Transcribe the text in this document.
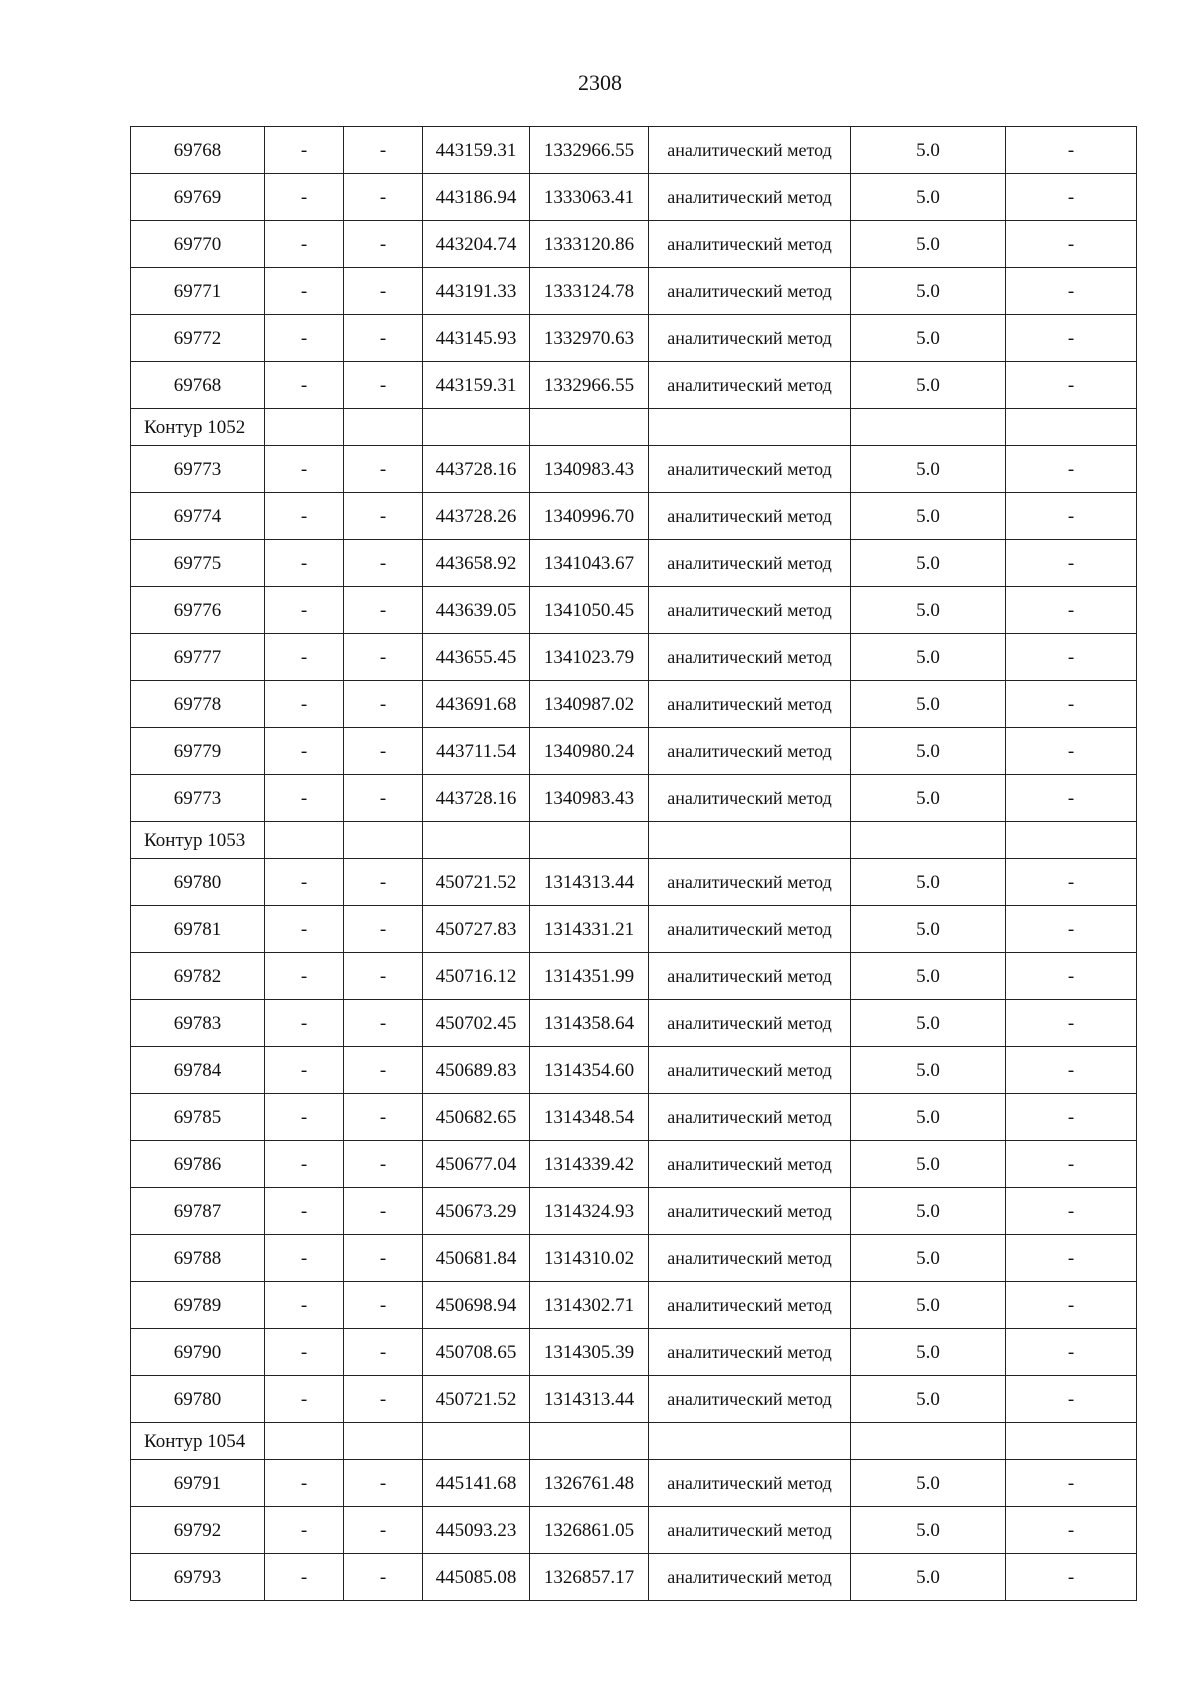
2308
69768	-	-	443159.31	1332966.55	аналитический метод	5.0	-
69769	-	-	443186.94	1333063.41	аналитический метод	5.0	-
69770	-	-	443204.74	1333120.86	аналитический метод	5.0	-
69771	-	-	443191.33	1333124.78	аналитический метод	5.0	-
69772	-	-	443145.93	1332970.63	аналитический метод	5.0	-
69768	-	-	443159.31	1332966.55	аналитический метод	5.0	-
Контур 1052							
69773	-	-	443728.16	1340983.43	аналитический метод	5.0	-
69774	-	-	443728.26	1340996.70	аналитический метод	5.0	-
69775	-	-	443658.92	1341043.67	аналитический метод	5.0	-
69776	-	-	443639.05	1341050.45	аналитический метод	5.0	-
69777	-	-	443655.45	1341023.79	аналитический метод	5.0	-
69778	-	-	443691.68	1340987.02	аналитический метод	5.0	-
69779	-	-	443711.54	1340980.24	аналитический метод	5.0	-
69773	-	-	443728.16	1340983.43	аналитический метод	5.0	-
Контур 1053							
69780	-	-	450721.52	1314313.44	аналитический метод	5.0	-
69781	-	-	450727.83	1314331.21	аналитический метод	5.0	-
69782	-	-	450716.12	1314351.99	аналитический метод	5.0	-
69783	-	-	450702.45	1314358.64	аналитический метод	5.0	-
69784	-	-	450689.83	1314354.60	аналитический метод	5.0	-
69785	-	-	450682.65	1314348.54	аналитический метод	5.0	-
69786	-	-	450677.04	1314339.42	аналитический метод	5.0	-
69787	-	-	450673.29	1314324.93	аналитический метод	5.0	-
69788	-	-	450681.84	1314310.02	аналитический метод	5.0	-
69789	-	-	450698.94	1314302.71	аналитический метод	5.0	-
69790	-	-	450708.65	1314305.39	аналитический метод	5.0	-
69780	-	-	450721.52	1314313.44	аналитический метод	5.0	-
Контур 1054							
69791	-	-	445141.68	1326761.48	аналитический метод	5.0	-
69792	-	-	445093.23	1326861.05	аналитический метод	5.0	-
69793	-	-	445085.08	1326857.17	аналитический метод	5.0	-
